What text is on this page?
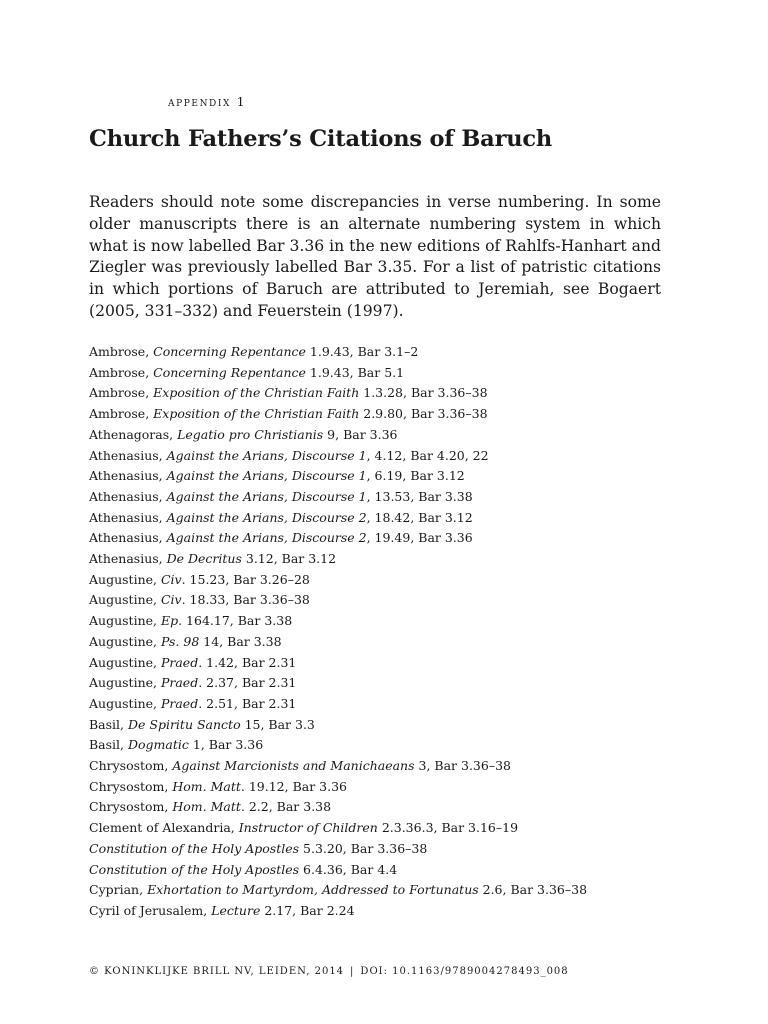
appendix 1
Church Fathers’s Citations of Baruch

Readers should note some discrepancies in verse numbering. In some older manuscripts there is an alternate numbering system in which what is now labelled Bar 3.36 in the new editions of Rahlfs-Hanhart and Ziegler was previously labelled Bar 3.35. For a list of patristic citations in which portions of Baruch are attributed to Jeremiah, see Bogaert (2005, 331–332) and Feuerstein (1997).

Ambrose, Concerning Repentance 1.9.43, Bar 3.1–2
Ambrose, Concerning Repentance 1.9.43, Bar 5.1
Ambrose, Exposition of the Christian Faith 1.3.28, Bar 3.36–38
Ambrose, Exposition of the Christian Faith 2.9.80, Bar 3.36–38
Athenagoras, Legatio pro Christianis 9, Bar 3.36
Athenasius, Against the Arians, Discourse 1, 4.12, Bar 4.20, 22
Athenasius, Against the Arians, Discourse 1, 6.19, Bar 3.12
Athenasius, Against the Arians, Discourse 1, 13.53, Bar 3.38
Athenasius, Against the Arians, Discourse 2, 18.42, Bar 3.12
Athenasius, Against the Arians, Discourse 2, 19.49, Bar 3.36
Athenasius, De Decritus 3.12, Bar 3.12
Augustine, Civ. 15.23, Bar 3.26–28
Augustine, Civ. 18.33, Bar 3.36–38
Augustine, Ep. 164.17, Bar 3.38
Augustine, Ps. 98 14, Bar 3.38
Augustine, Praed. 1.42, Bar 2.31
Augustine, Praed. 2.37, Bar 2.31
Augustine, Praed. 2.51, Bar 2.31
Basil, De Spiritu Sancto 15, Bar 3.3
Basil, Dogmatic 1, Bar 3.36
Chrysostom, Against Marcionists and Manichaeans 3, Bar 3.36–38
Chrysostom, Hom. Matt. 19.12, Bar 3.36
Chrysostom, Hom. Matt. 2.2, Bar 3.38
Clement of Alexandria, Instructor of Children 2.3.36.3, Bar 3.16–19
Constitution of the Holy Apostles 5.3.20, Bar 3.36–38
Constitution of the Holy Apostles 6.4.36, Bar 4.4
Cyprian, Exhortation to Martyrdom, Addressed to Fortunatus 2.6, Bar 3.36–38
Cyril of Jerusalem, Lecture 2.17, Bar 2.24
© KONINKLIJKE BRILL NV, LEIDEN, 2014 | DOI: 10.1163/9789004278493_008
